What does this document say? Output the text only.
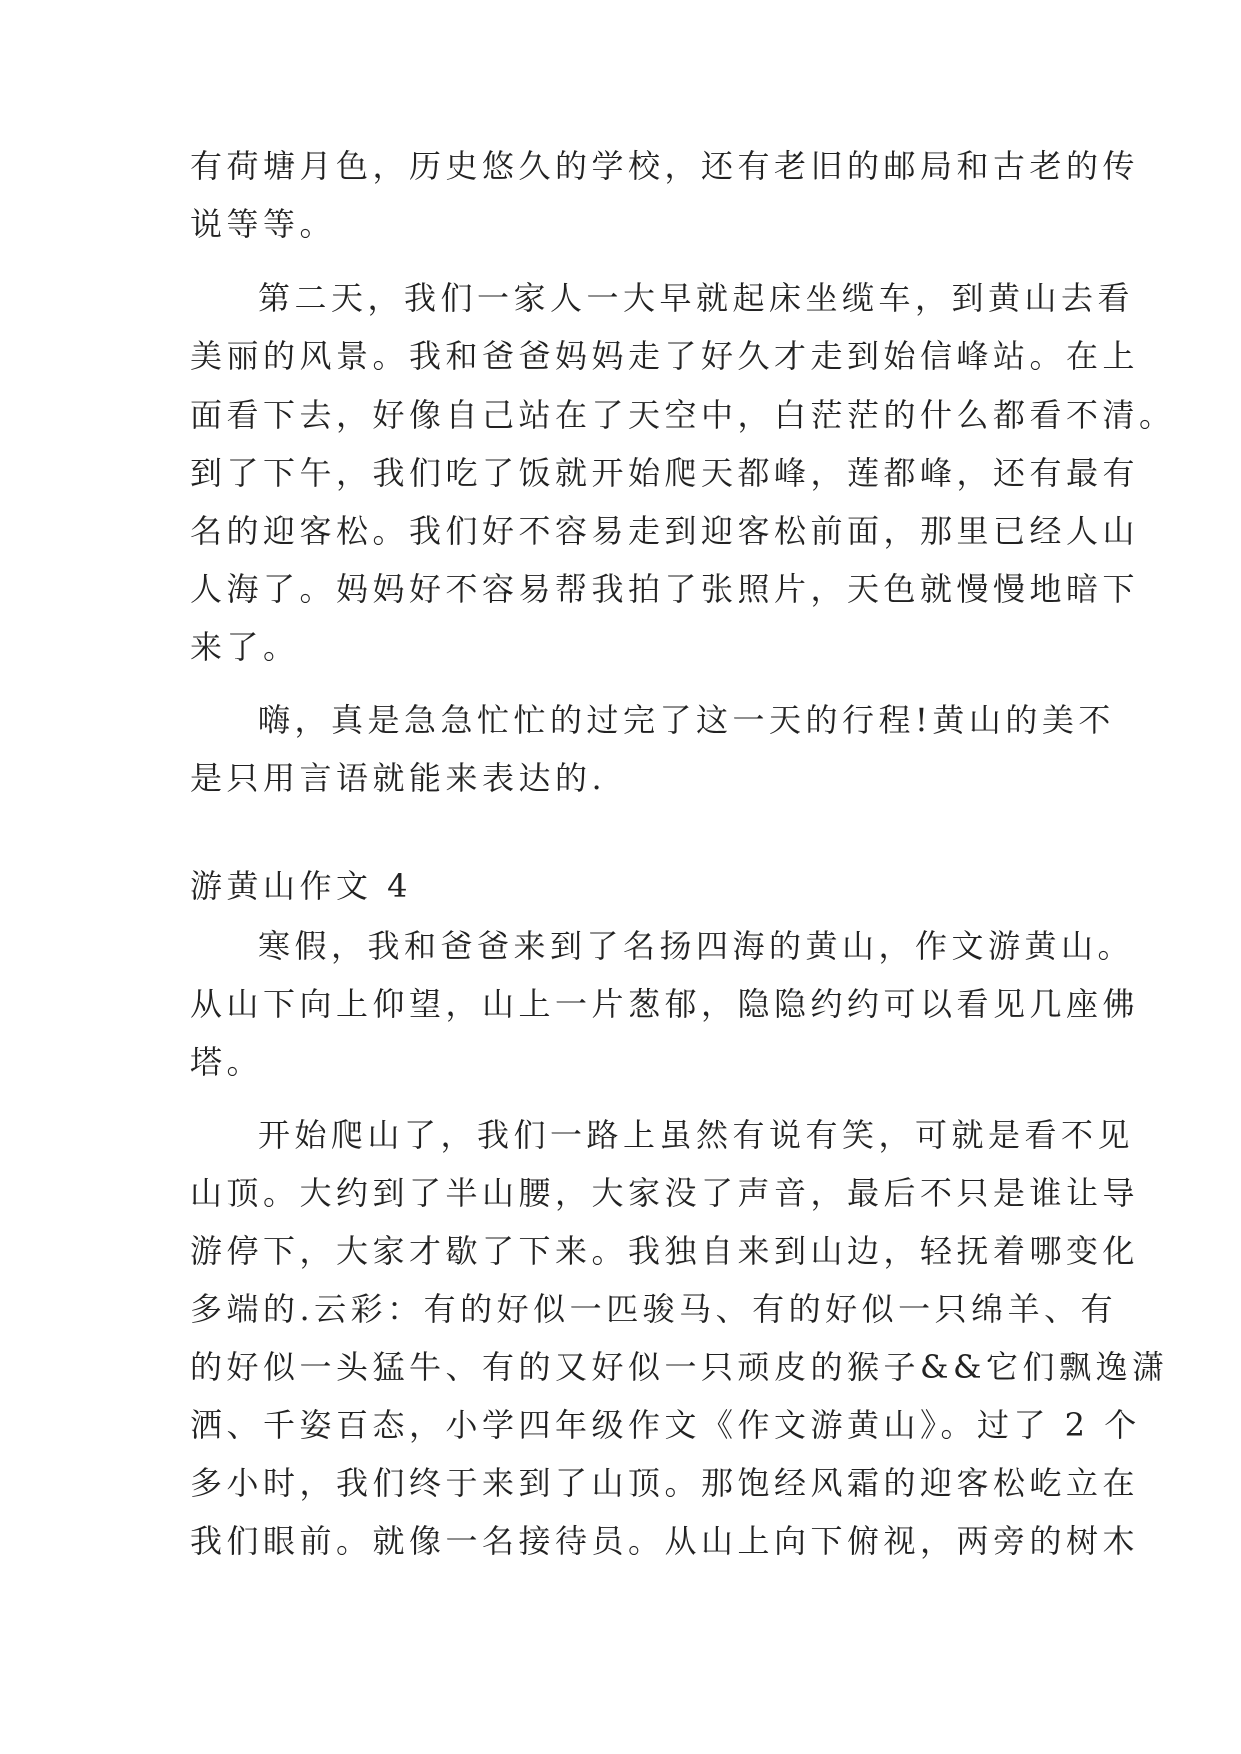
有荷塘月色，历史悠久的学校，还有老旧的邮局和古老的传
说等等。
第二天，我们一家人一大早就起床坐缆车，到黄山去看
美丽的风景。我和爸爸妈妈走了好久才走到始信峰站。在上
面看下去，好像自己站在了天空中，白茫茫的什么都看不清。
到了下午，我们吃了饭就开始爬天都峰，莲都峰，还有最有
名的迎客松。我们好不容易走到迎客松前面，那里已经人山
人海了。妈妈好不容易帮我拍了张照片，天色就慢慢地暗下
来了。
嗨，真是急急忙忙的过完了这一天的行程!黄山的美不
是只用言语就能来表达的.
游黄山作文 4
寒假，我和爸爸来到了名扬四海的黄山，作文游黄山。
从山下向上仰望，山上一片葱郁，隐隐约约可以看见几座佛
塔。
开始爬山了，我们一路上虽然有说有笑，可就是看不见
山顶。大约到了半山腰，大家没了声音，最后不只是谁让导
游停下，大家才歇了下来。我独自来到山边，轻抚着哪变化
多端的.云彩：有的好似一匹骏马、有的好似一只绵羊、有
的好似一头猛牛、有的又好似一只顽皮的猴子&&它们飘逸潇
洒、千姿百态，小学四年级作文《作文游黄山》。过了 2 个
多小时，我们终于来到了山顶。那饱经风霜的迎客松屹立在
我们眼前。就像一名接待员。从山上向下俯视，两旁的树木
